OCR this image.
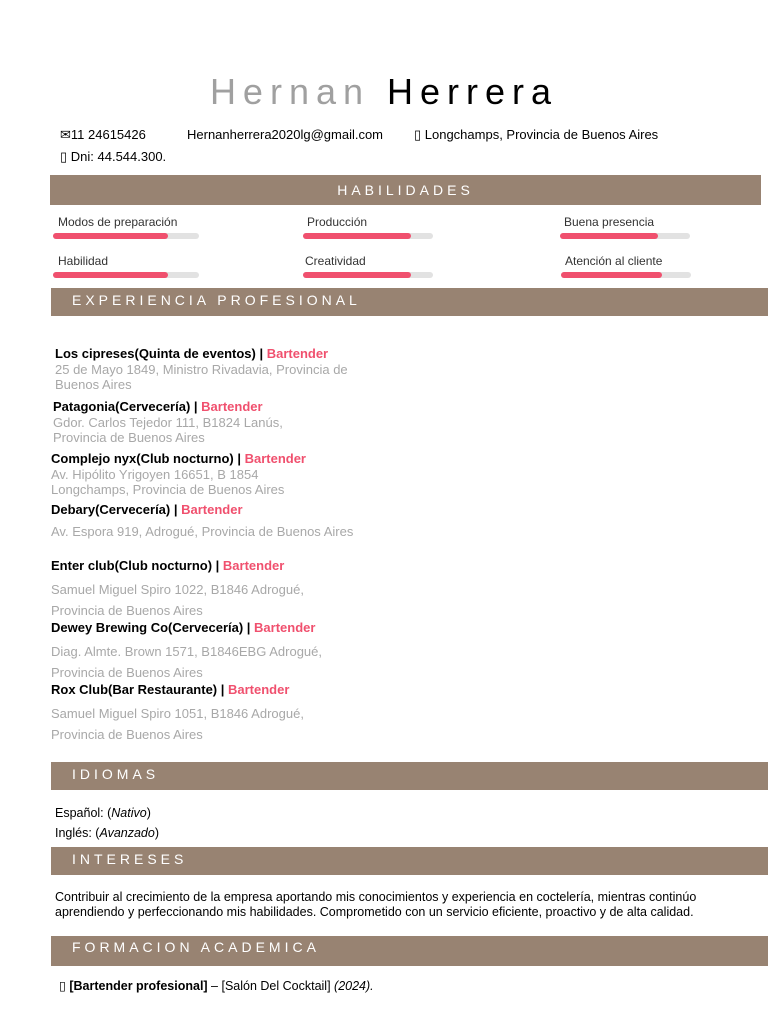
Hernan Herrera
✉11 24615426	Hernanherrera2020lg@gmail.com ▯ Longchamps, Provincia de Buenos Aires
▯ Dni: 44.544.300.
HABILIDADES
Modos de preparación	Producción	Buena presencia
Habilidad	Creatividad	Atención al cliente
EXPERIENCIA PROFESIONAL
Los cipreses(Quinta de eventos) | Bartender
25 de Mayo 1849, Ministro Rivadavia, Provincia de Buenos Aires
Patagonia(Cervecería) | Bartender
Gdor. Carlos Tejedor 111, B1824 Lanús, Provincia de Buenos Aires
Complejo nyx(Club nocturno) | Bartender
Av. Hipólito Yrigoyen 16651, B 1854 Longchamps, Provincia de Buenos Aires
Debary(Cervecería) | Bartender
Av. Espora 919, Adrogué, Provincia de Buenos Aires
Enter club(Club nocturno) | Bartender
Samuel Miguel Spiro 1022, B1846 Adrogué, Provincia de Buenos Aires
Dewey Brewing Co(Cervecería) | Bartender
Diag. Almte. Brown 1571, B1846EBG Adrogué, Provincia de Buenos Aires
Rox Club(Bar Restaurante) | Bartender
Samuel Miguel Spiro 1051, B1846 Adrogué, Provincia de Buenos Aires
IDIOMAS
Español: (Nativo)
Inglés: (Avanzado)
INTERESES
Contribuir al crecimiento de la empresa aportando mis conocimientos y experiencia en coctelería, mientras continúo aprendiendo y perfeccionando mis habilidades. Comprometido con un servicio eficiente, proactivo y de alta calidad.
FORMACION ACADEMICA
▯ [Bartender profesional] – [Salón Del Cocktail] (2024).
